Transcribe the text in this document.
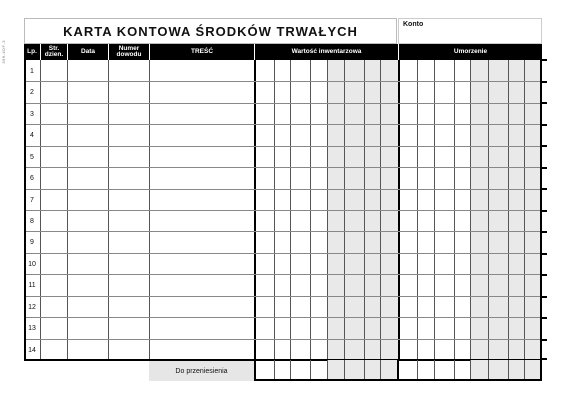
396-4DF-3

KARTA KONTOWA ŚRODKÓW TRWAŁYCH	Konto
Lp.	Str. dzien.	Data	Numer dowodu	TREŚĆ	Wartość inwentarzowa	Umorzenie
1
2
3
4
5
6
7
8
9
10
11
12
13
14
Do przeniesienia
